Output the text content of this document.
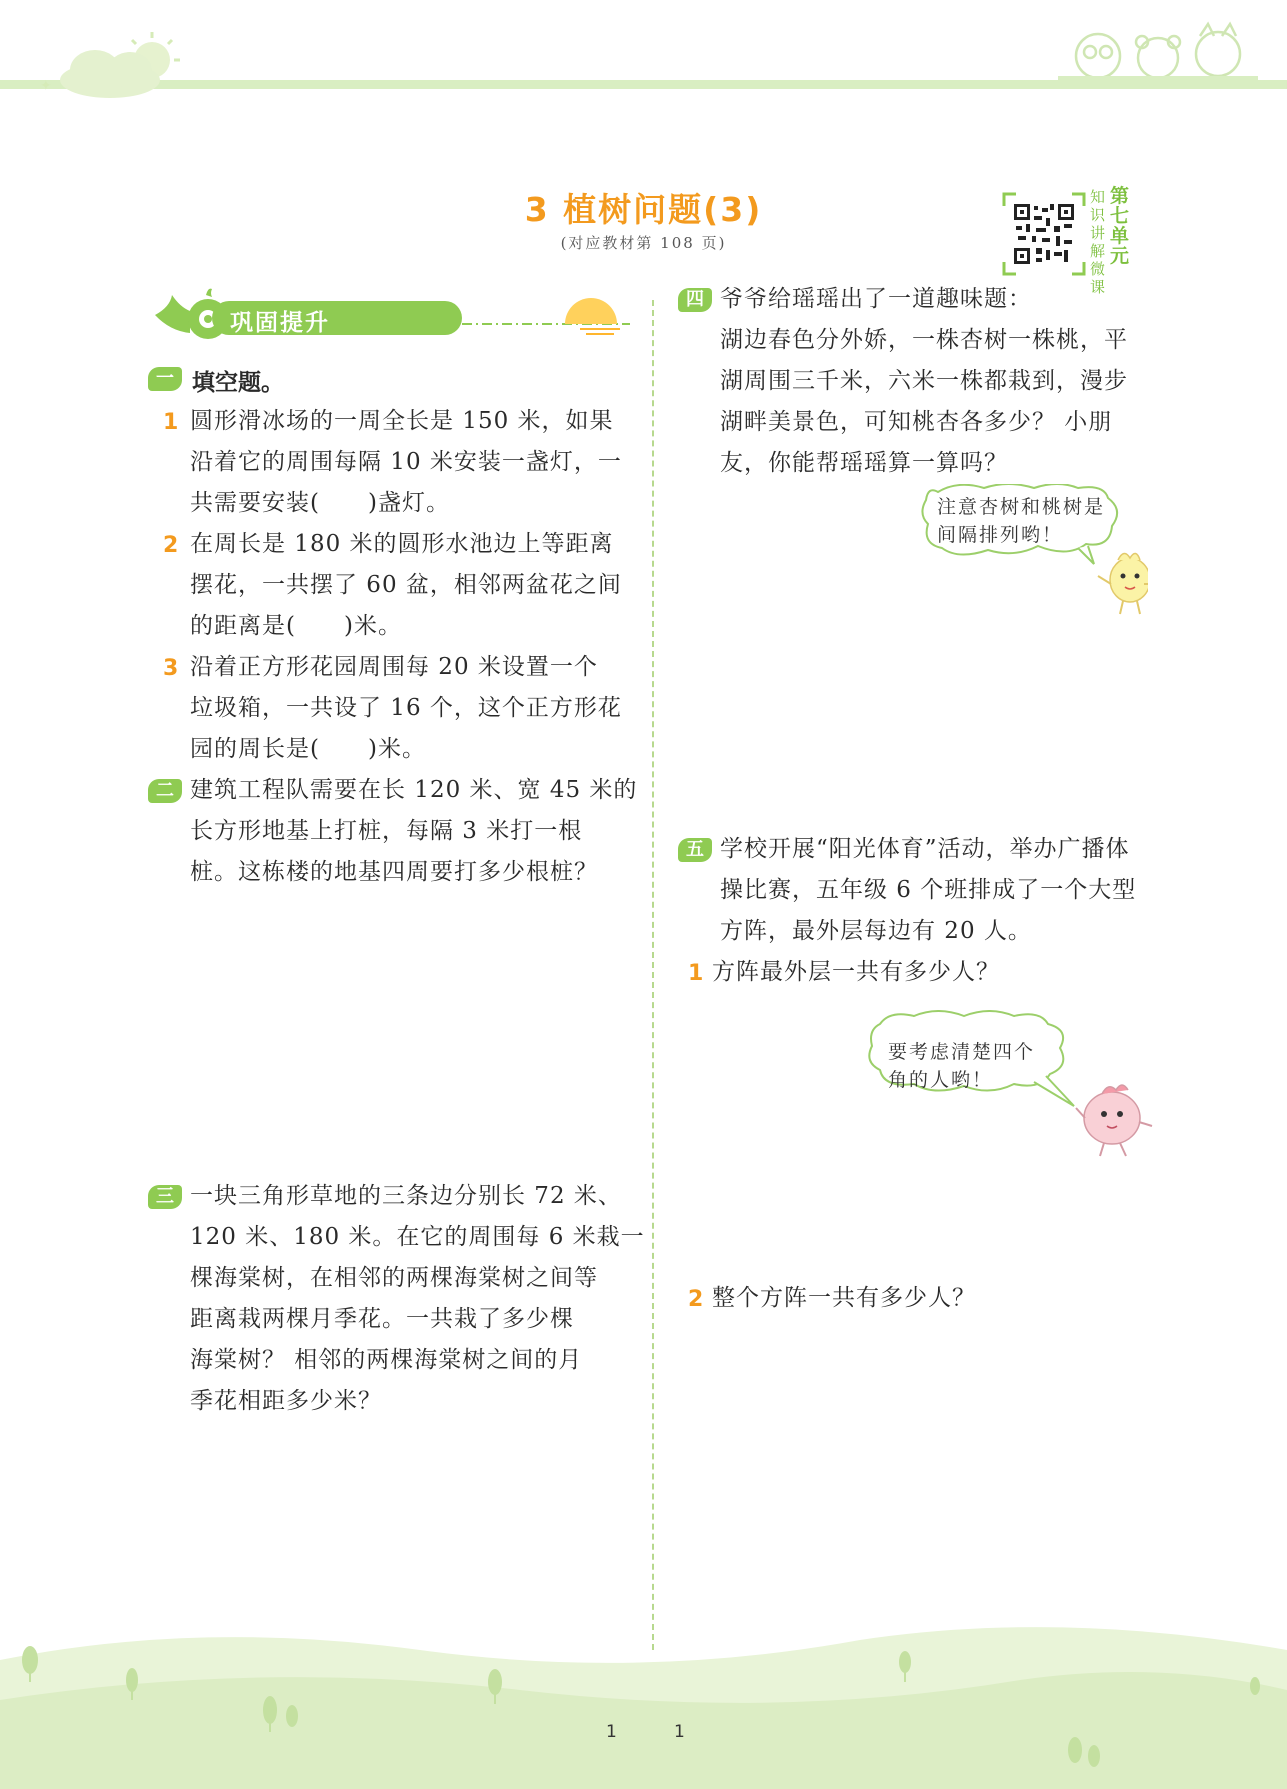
✦
3 植树问题(3)
(对应教材第 108 页)
知识讲解微课
第七单元
巩固提升
一 填空题。
1 圆形滑冰场的一周全长是 150 米，如果
沿着它的周围每隔 10 米安装一盏灯，一
共需要安装(　　)盏灯。
2 在周长是 180 米的圆形水池边上等距离
摆花，一共摆了 60 盆，相邻两盆花之间
的距离是(　　)米。
3 沿着正方形花园周围每 20 米设置一个
垃圾箱，一共设了 16 个，这个正方形花
园的周长是(　　)米。
二 建筑工程队需要在长 120 米、宽 45 米的
长方形地基上打桩，每隔 3 米打一根
桩。这栋楼的地基四周要打多少根桩？
三 一块三角形草地的三条边分别长 72 米、
120 米、180 米。在它的周围每 6 米栽一
棵海棠树，在相邻的两棵海棠树之间等
距离栽两棵月季花。一共栽了多少棵
海棠树？ 相邻的两棵海棠树之间的月
季花相距多少米？
四 爷爷给瑶瑶出了一道趣味题：
湖边春色分外娇，一株杏树一株桃，平
湖周围三千米，六米一株都栽到，漫步
湖畔美景色，可知桃杏各多少？ 小朋
友，你能帮瑶瑶算一算吗？
注意杏树和桃树是
间隔排列哟！
五 学校开展“阳光体育”活动，举办广播体
操比赛，五年级 6 个班排成了一个大型
方阵，最外层每边有 20 人。
1 方阵最外层一共有多少人？
要考虑清楚四个
角的人哟！
2 整个方阵一共有多少人？
1	1
